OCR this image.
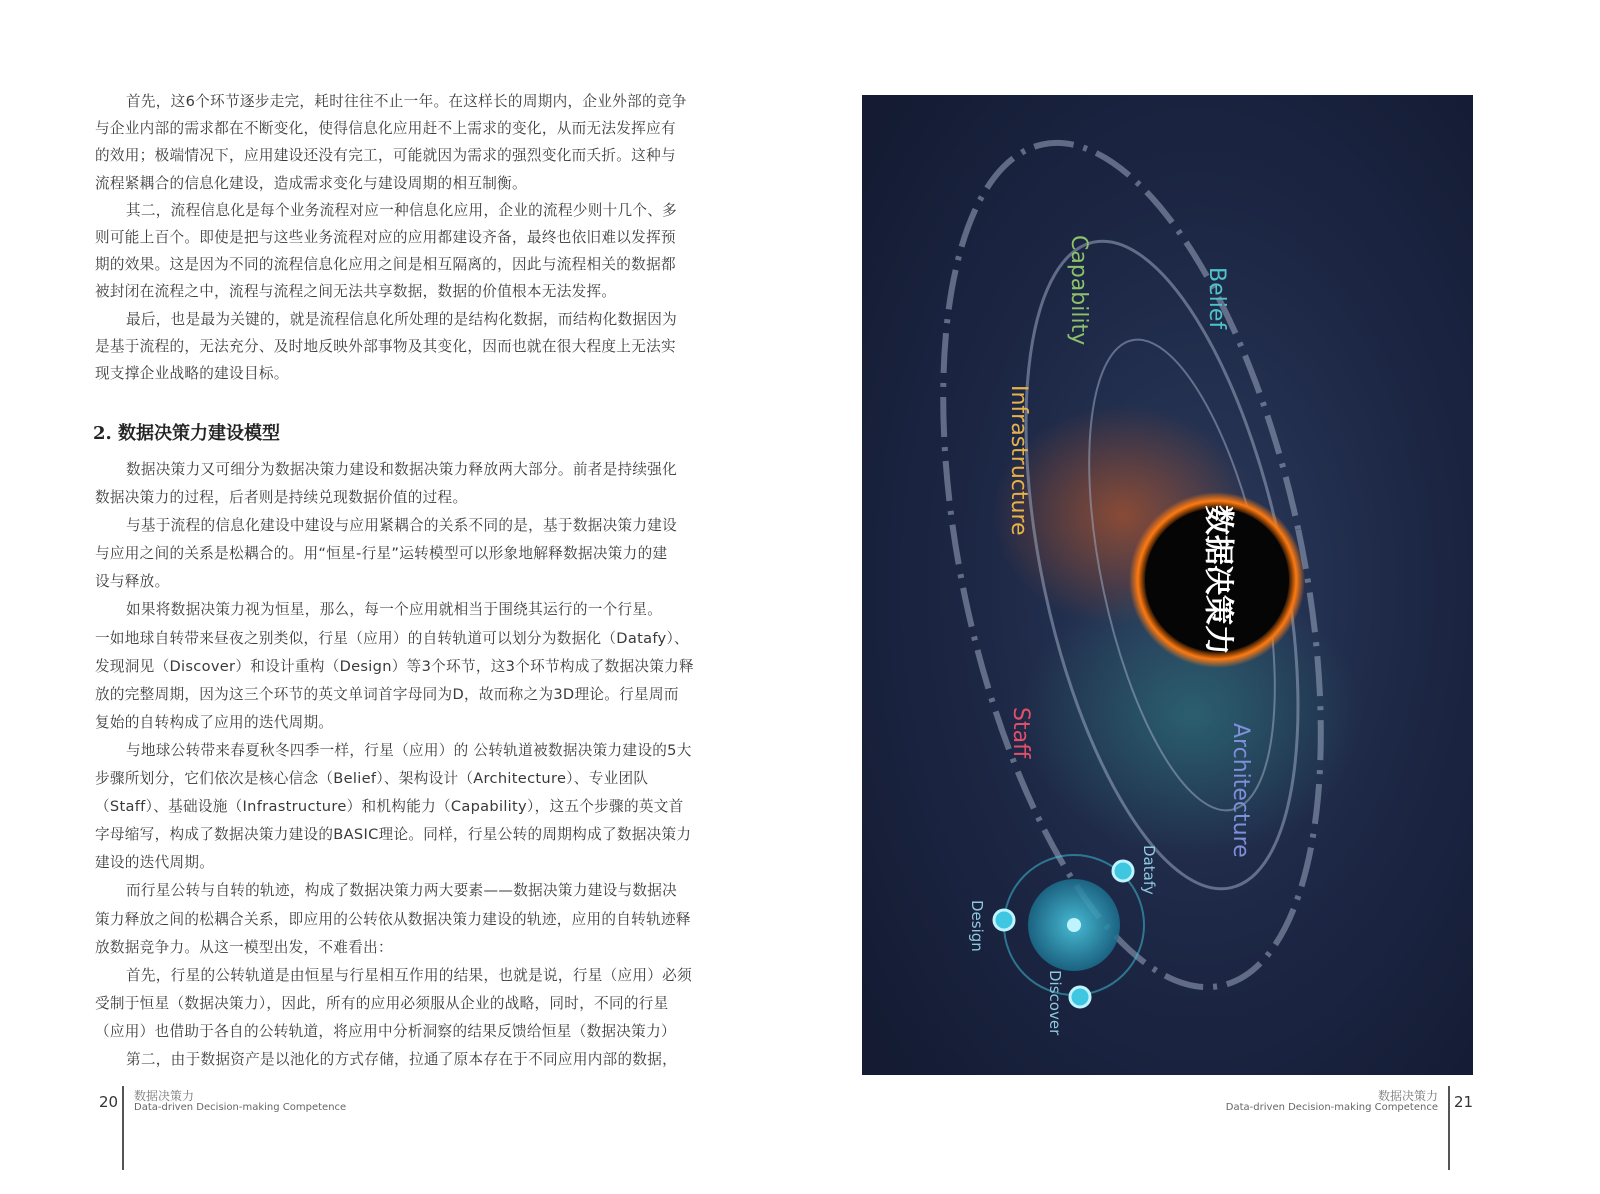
首先，这6个环节逐步走完，耗时往往不止一年。在这样长的周期内，企业外部的竞争
与企业内部的需求都在不断变化，使得信息化应用赶不上需求的变化，从而无法发挥应有
的效用；极端情况下，应用建设还没有完工，可能就因为需求的强烈变化而夭折。这种与
流程紧耦合的信息化建设，造成需求变化与建设周期的相互制衡。
其二，流程信息化是每个业务流程对应一种信息化应用，企业的流程少则十几个、多
则可能上百个。即使是把与这些业务流程对应的应用都建设齐备，最终也依旧难以发挥预
期的效果。这是因为不同的流程信息化应用之间是相互隔离的，因此与流程相关的数据都
被封闭在流程之中，流程与流程之间无法共享数据，数据的价值根本无法发挥。
最后，也是最为关键的，就是流程信息化所处理的是结构化数据，而结构化数据因为
是基于流程的，无法充分、及时地反映外部事物及其变化，因而也就在很大程度上无法实
现支撑企业战略的建设目标。
2. 数据决策力建设模型
数据决策力又可细分为数据决策力建设和数据决策力释放两大部分。前者是持续强化
数据决策力的过程，后者则是持续兑现数据价值的过程。
与基于流程的信息化建设中建设与应用紧耦合的关系不同的是，基于数据决策力建设
与应用之间的关系是松耦合的。用“恒星-行星”运转模型可以形象地解释数据决策力的建
设与释放。
如果将数据决策力视为恒星，那么，每一个应用就相当于围绕其运行的一个行星。
一如地球自转带来昼夜之别类似，行星（应用）的自转轨道可以划分为数据化（Datafy）、
发现洞见（Discover）和设计重构（Design）等3个环节，这3个环节构成了数据决策力释
放的完整周期，因为这三个环节的英文单词首字母同为D，故而称之为3D理论。行星周而
复始的自转构成了应用的迭代周期。
与地球公转带来春夏秋冬四季一样，行星（应用）的 公转轨道被数据决策力建设的5大
步骤所划分，它们依次是核心信念（Belief）、架构设计（Architecture）、专业团队
（Staff）、基础设施（Infrastructure）和机构能力（Capability），这五个步骤的英文首
字母缩写，构成了数据决策力建设的BASIC理论。同样，行星公转的周期构成了数据决策力
建设的迭代周期。
而行星公转与自转的轨迹，构成了数据决策力两大要素——数据决策力建设与数据决
策力释放之间的松耦合关系，即应用的公转依从数据决策力建设的轨迹，应用的自转轨迹释
放数据竞争力。从这一模型出发，不难看出：
首先，行星的公转轨道是由恒星与行星相互作用的结果，也就是说，行星（应用）必须
受制于恒星（数据决策力），因此，所有的应用必须服从企业的战略，同时，不同的行星
（应用）也借助于各自的公转轨道，将应用中分析洞察的结果反馈给恒星（数据决策力）
第二，由于数据资产是以池化的方式存储，拉通了原本存在于不同应用内部的数据，
数据决策力
Capability	Belief
Infrastructure
Staff	Architecture
Datafy
Design
Discover
20 数据决策力
Data-driven Decision-making Competence
数据决策力
Data-driven Decision-making Competence 21
